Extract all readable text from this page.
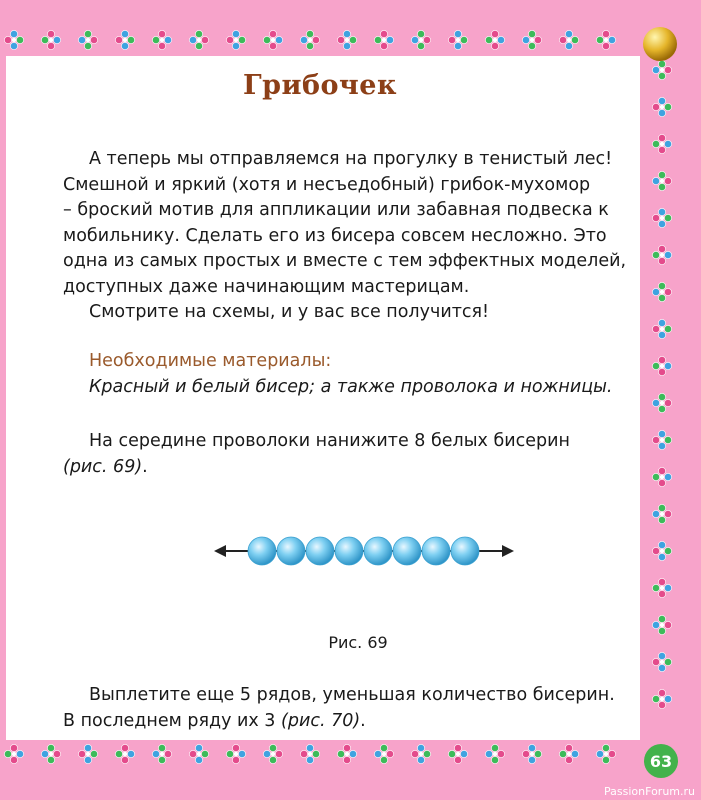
Грибочек
А теперь мы отправляемся на прогулку в тенистый лес!
Смешной и яркий (хотя и несъедобный) грибок-мухомор
– броский мотив для аппликации или забавная подвеска к
мобильнику. Сделать его из бисера совсем несложно. Это
одна из самых простых и вместе с тем эффектных моделей,
доступных даже начинающим мастерицам.
Смотрите на схемы, и у вас все получится!
Необходимые материалы:
Красный и белый бисер; а также проволока и ножницы.
На середине проволоки нанижите 8 белых бисерин
(рис. 69).
Рис. 69
Выплетите еще 5 рядов, уменьшая количество бисерин.
В последнем ряду их 3 (рис. 70).
63
PassionForum.ru
